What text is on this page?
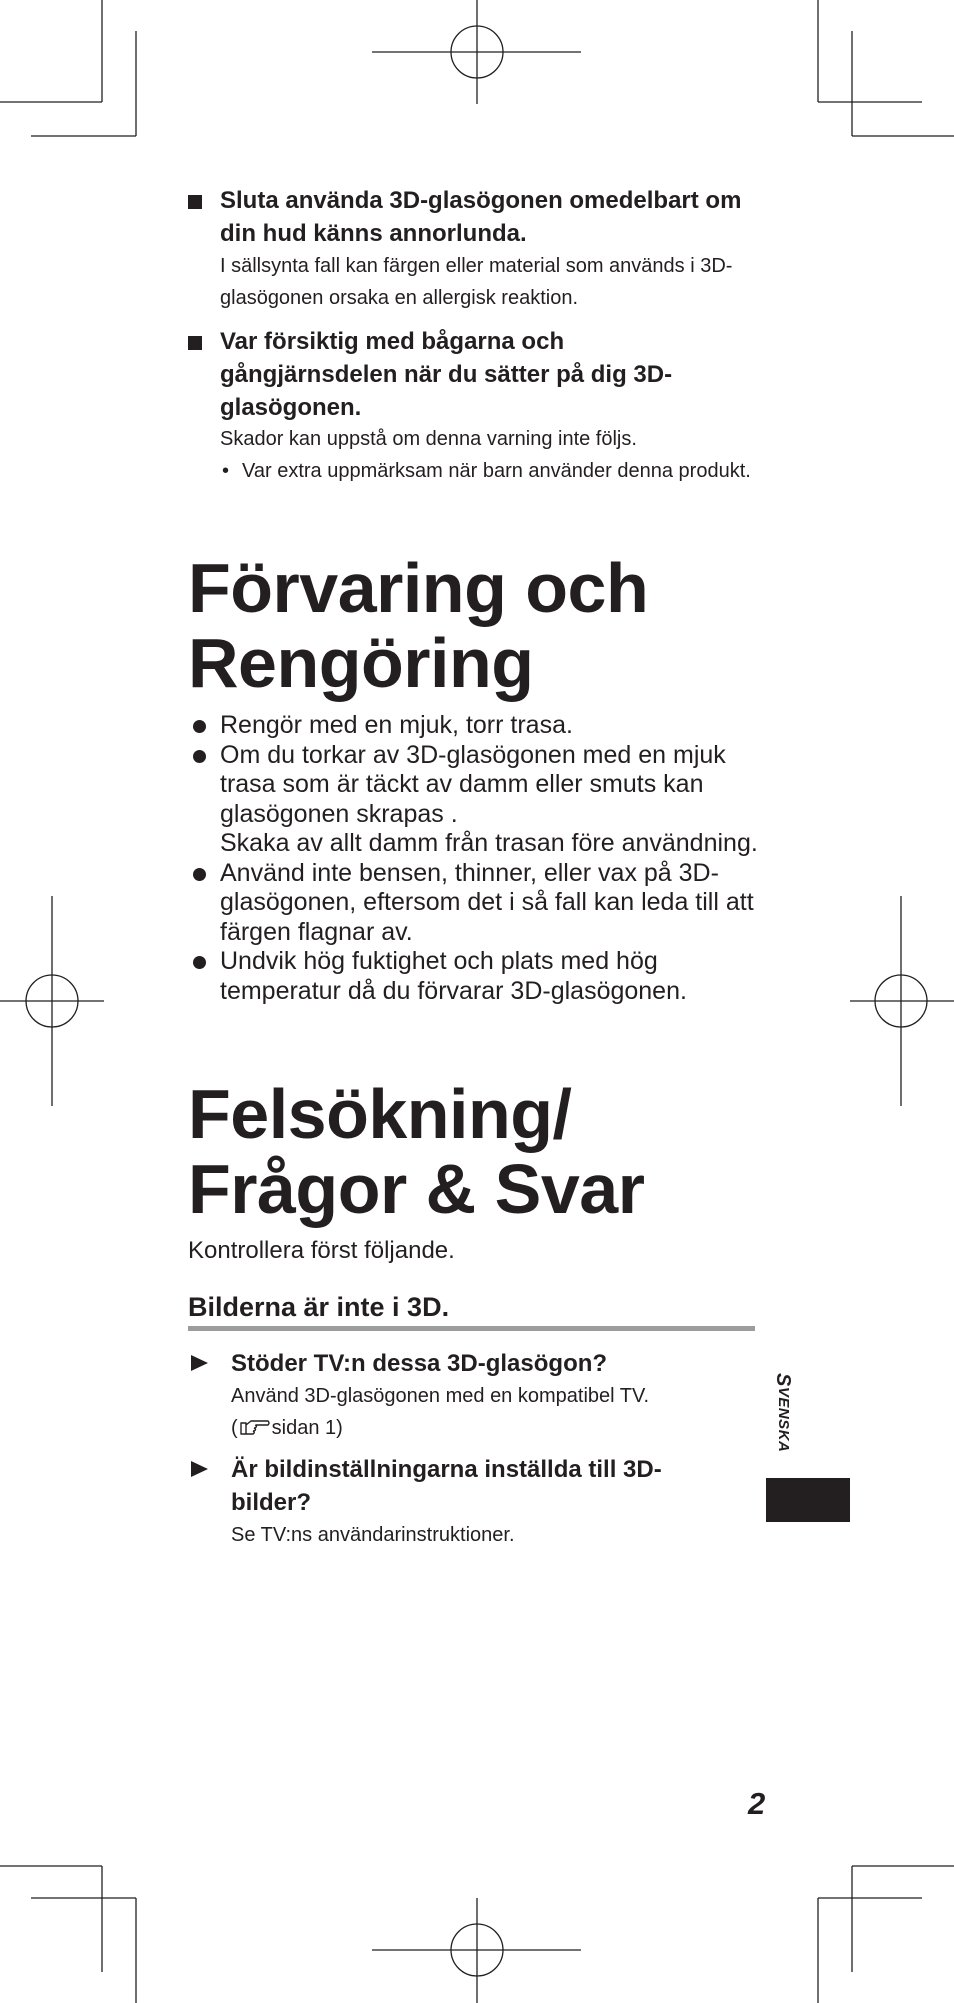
Sluta använda 3D-glasögonen omedelbart om din hud känns annorlunda.
I sällsynta fall kan färgen eller material som används i 3D-glasögonen orsaka en allergisk reaktion.
Var försiktig med bågarna och gångjärnsdelen när du sätter på dig 3D-glasögonen.
Skador kan uppstå om denna varning inte följs.
• Var extra uppmärksam när barn använder denna produkt.
Förvaring och
Rengöring
Rengör med en mjuk, torr trasa.
Om du torkar av 3D-glasögonen med en mjuk trasa som är täckt av damm eller smuts kan glasögonen skrapas .
Skaka av allt damm från trasan före användning.
Använd inte bensen, thinner, eller vax på 3D-glasögonen, eftersom det i så fall kan leda till att färgen flagnar av.
Undvik hög fuktighet och plats med hög temperatur då du förvarar 3D-glasögonen.
Felsökning/
Frågor & Svar
Kontrollera först följande.
Bilderna är inte i 3D.
Stöder TV:n dessa 3D-glasögon?
Använd 3D-glasögonen med en kompatibel TV.
( sidan 1)
Är bildinställningarna inställda till 3D-bilder?
Se TV:ns användarinstruktioner.
SVENSKA
2
